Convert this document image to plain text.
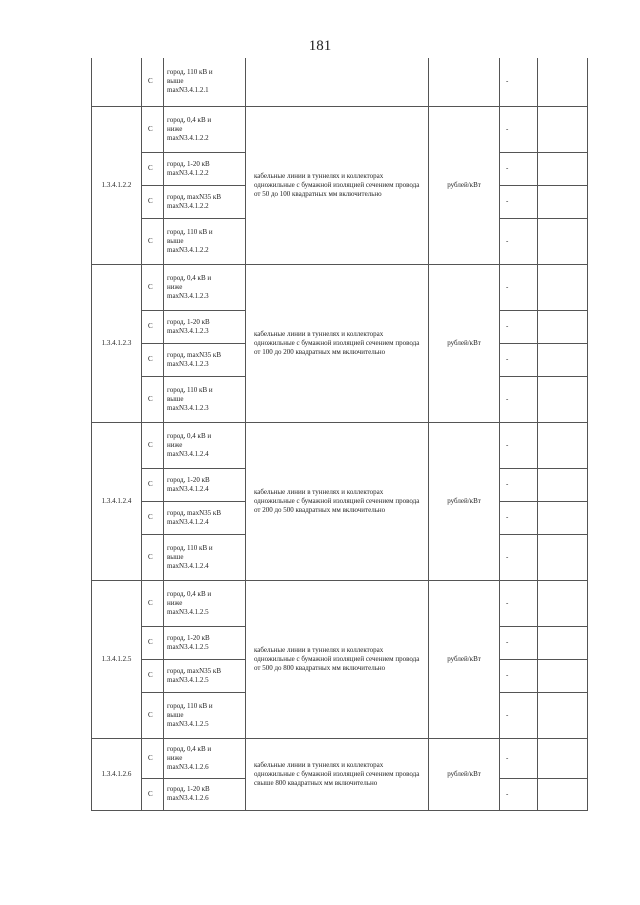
181
	С	город, 110 кВ и
выше
maxN3.4.1.2.1			-	
1.3.4.1.2.2	С	город, 0,4 кВ и
ниже
maxN3.4.1.2.2	кабельные линии в туннелях и коллекторах одножильные с бумажной изоляцией сечением провода от 50 до 100 квадратных мм включительно	рублей/кВт	-	
	С	город, 1-20 кВ
maxN3.4.1.2.2			-	
	С	город, maxN35 кВ
maxN3.4.1.2.2			-	
	С	город, 110 кВ и
выше
maxN3.4.1.2.2			-	
1.3.4.1.2.3	С	город, 0,4 кВ и
ниже
maxN3.4.1.2.3	кабельные линии в туннелях и коллекторах одножильные с бумажной изоляцией сечением провода от 100 до 200 квадратных мм включительно	рублей/кВт	-	
	С	город, 1-20 кВ
maxN3.4.1.2.3			-	
	С	город, maxN35 кВ
maxN3.4.1.2.3			-	
	С	город, 110 кВ и
выше
maxN3.4.1.2.3			-	
1.3.4.1.2.4	С	город, 0,4 кВ и
ниже
maxN3.4.1.2.4	кабельные линии в туннелях и коллекторах одножильные с бумажной изоляцией сечением провода от 200 до 500 квадратных мм включительно	рублей/кВт	-	
	С	город, 1-20 кВ
maxN3.4.1.2.4			-	
	С	город, maxN35 кВ
maxN3.4.1.2.4			-	
	С	город, 110 кВ и
выше
maxN3.4.1.2.4			-	
1.3.4.1.2.5	С	город, 0,4 кВ и
ниже
maxN3.4.1.2.5	кабельные линии в туннелях и коллекторах одножильные с бумажной изоляцией сечением провода от 500 до 800 квадратных мм включительно	рублей/кВт	-	
	С	город, 1-20 кВ
maxN3.4.1.2.5			-	
	С	город, maxN35 кВ
maxN3.4.1.2.5			-	
	С	город, 110 кВ и
выше
maxN3.4.1.2.5			-	
1.3.4.1.2.6	С	город, 0,4 кВ и
ниже
maxN3.4.1.2.6	кабельные линии в туннелях и коллекторах одножильные с бумажной изоляцией сечением провода свыше 800 квадратных мм включительно	рублей/кВт	-	
	С	город, 1-20 кВ
maxN3.4.1.2.6			-	
